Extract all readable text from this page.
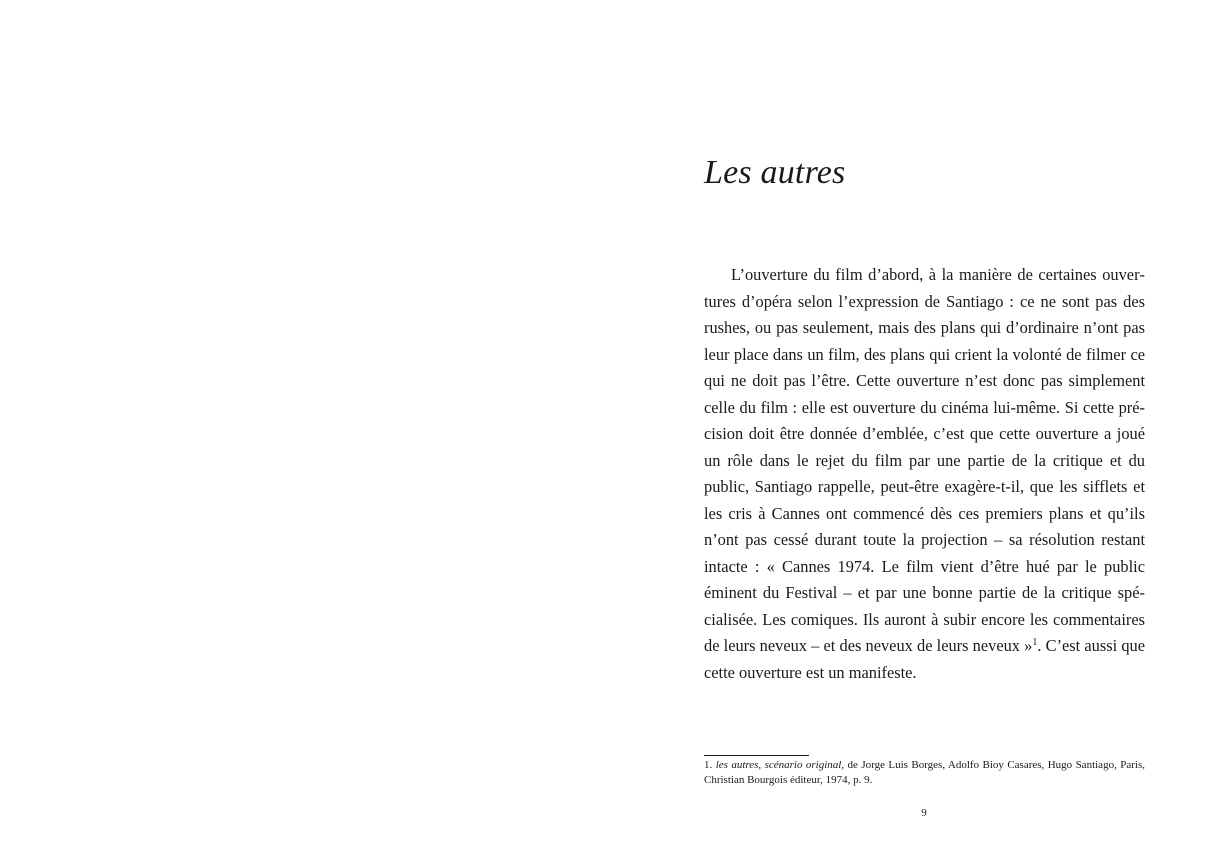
Les autres

L’ouverture du film d’abord, à la manière de certaines ouvertures d’opéra selon l’expression de Santiago : ce ne sont pas des rushes, ou pas seulement, mais des plans qui d’ordinaire n’ont pas leur place dans un film, des plans qui crient la volonté de filmer ce qui ne doit pas l’être. Cette ouverture n’est donc pas simplement celle du film : elle est ouverture du cinéma lui-même. Si cette précision doit être donnée d’emblée, c’est que cette ouverture a joué un rôle dans le rejet du film par une partie de la critique et du public, Santiago rappelle, peut-être exagère-t-il, que les sifflets et les cris à Cannes ont commencé dès ces premiers plans et qu’ils n’ont pas cessé durant toute la projection – sa résolution restant intacte : « Cannes 1974. Le film vient d’être hué par le public éminent du Festival – et par une bonne partie de la critique spécialisée. Les comiques. Ils auront à subir encore les commentaires de leurs neveux – et des neveux de leurs neveux »$^1$. C’est aussi que cette ouverture est un manifeste.

1. les autres, scénario original, de Jorge Luis Borges, Adolfo Bioy Casares, Hugo Santiago, Paris, Christian Bourgois éditeur, 1974, p. 9.

9
